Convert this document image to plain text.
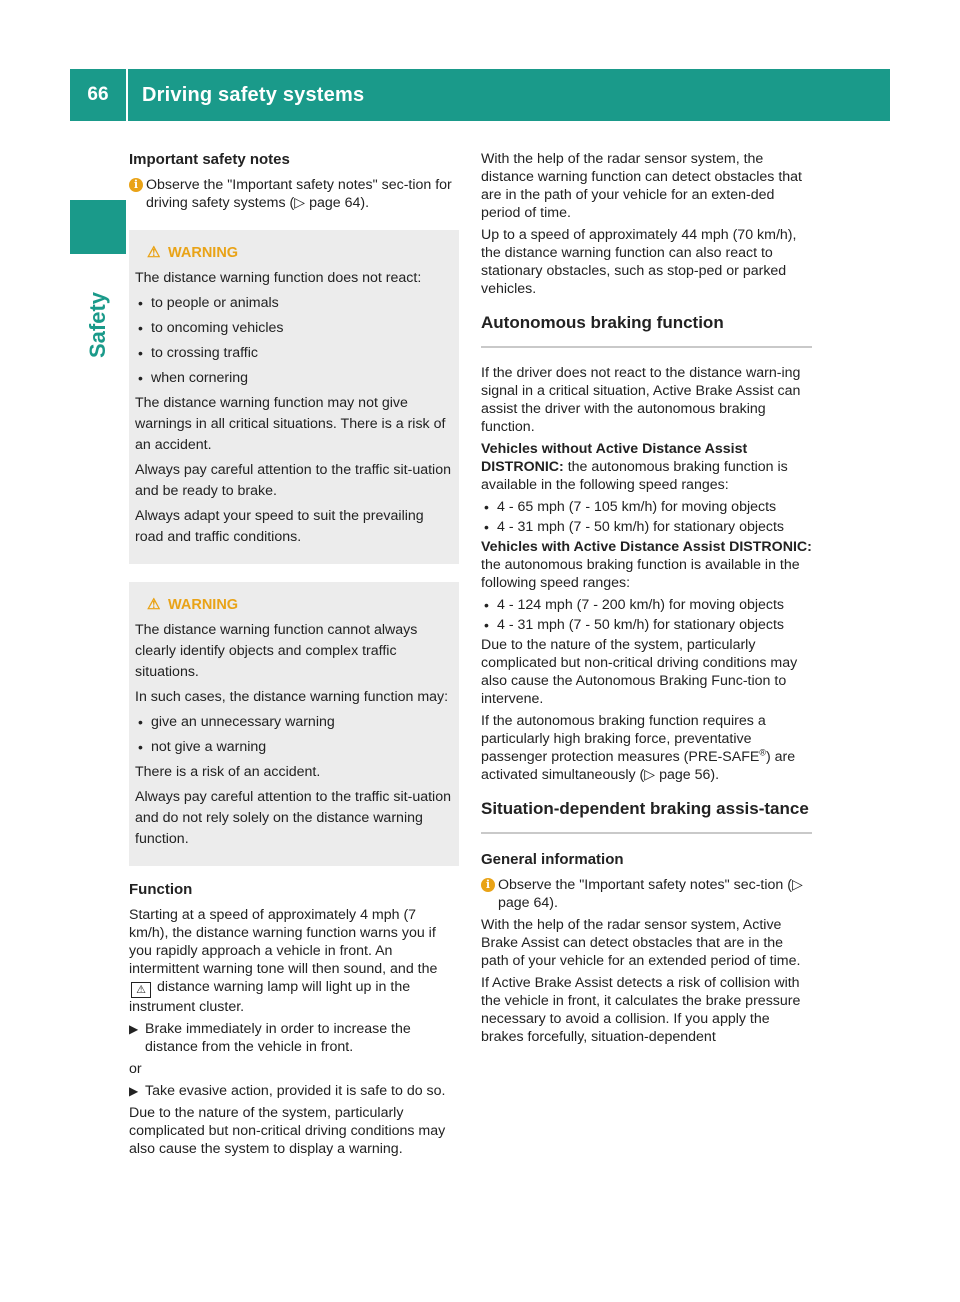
66	Driving safety systems
Safety
Important safety notes
i Observe the "Important safety notes" sec-tion for driving safety systems (▷ page 64).
⚠ WARNING

The distance warning function does not react:

• to people or animals
• to oncoming vehicles
• to crossing traffic
• when cornering

The distance warning function may not give warnings in all critical situations. There is a risk of an accident.

Always pay careful attention to the traffic sit-uation and be ready to brake.

Always adapt your speed to suit the prevailing road and traffic conditions.

⚠ WARNING

The distance warning function cannot always clearly identify objects and complex traffic situations.

In such cases, the distance warning function may:

• give an unnecessary warning
• not give a warning

There is a risk of an accident.

Always pay careful attention to the traffic sit-uation and do not rely solely on the distance warning function.

Function

Starting at a speed of approximately 4 mph (7 km/h), the distance warning function warns you if you rapidly approach a vehicle in front. An intermittent warning tone will then sound, and the ⚠ distance warning lamp will light up in the instrument cluster.

▶ Brake immediately in order to increase the distance from the vehicle in front.

or

▶ Take evasive action, provided it is safe to do so.

Due to the nature of the system, particularly complicated but non-critical driving conditions may also cause the system to display a warning.

With the help of the radar sensor system, the distance warning function can detect obstacles that are in the path of your vehicle for an exten-ded period of time.

Up to a speed of approximately 44 mph (70 km/h), the distance warning function can also react to stationary obstacles, such as stop-ped or parked vehicles.

Autonomous braking function

If the driver does not react to the distance warn-ing signal in a critical situation, Active Brake Assist can assist the driver with the autonomous braking function.

Vehicles without Active Distance Assist DISTRONIC: the autonomous braking function is available in the following speed ranges:

• 4 - 65 mph (7 - 105 km/h) for moving objects
• 4 - 31 mph (7 - 50 km/h) for stationary objects

Vehicles with Active Distance Assist DISTRONIC: the autonomous braking function is available in the following speed ranges:

• 4 - 124 mph (7 - 200 km/h) for moving objects
• 4 - 31 mph (7 - 50 km/h) for stationary objects

Due to the nature of the system, particularly complicated but non-critical driving conditions may also cause the Autonomous Braking Func-tion to intervene.

If the autonomous braking function requires a particularly high braking force, preventative passenger protection measures (PRE-SAFE®) are activated simultaneously (▷ page 56).

Situation-dependent braking assis-tance
General information
i Observe the "Important safety notes" sec-tion (▷ page 64).

With the help of the radar sensor system, Active Brake Assist can detect obstacles that are in the path of your vehicle for an extended period of time.

If Active Brake Assist detects a risk of collision with the vehicle in front, it calculates the brake pressure necessary to avoid a collision. If you apply the brakes forcefully, situation-dependent
